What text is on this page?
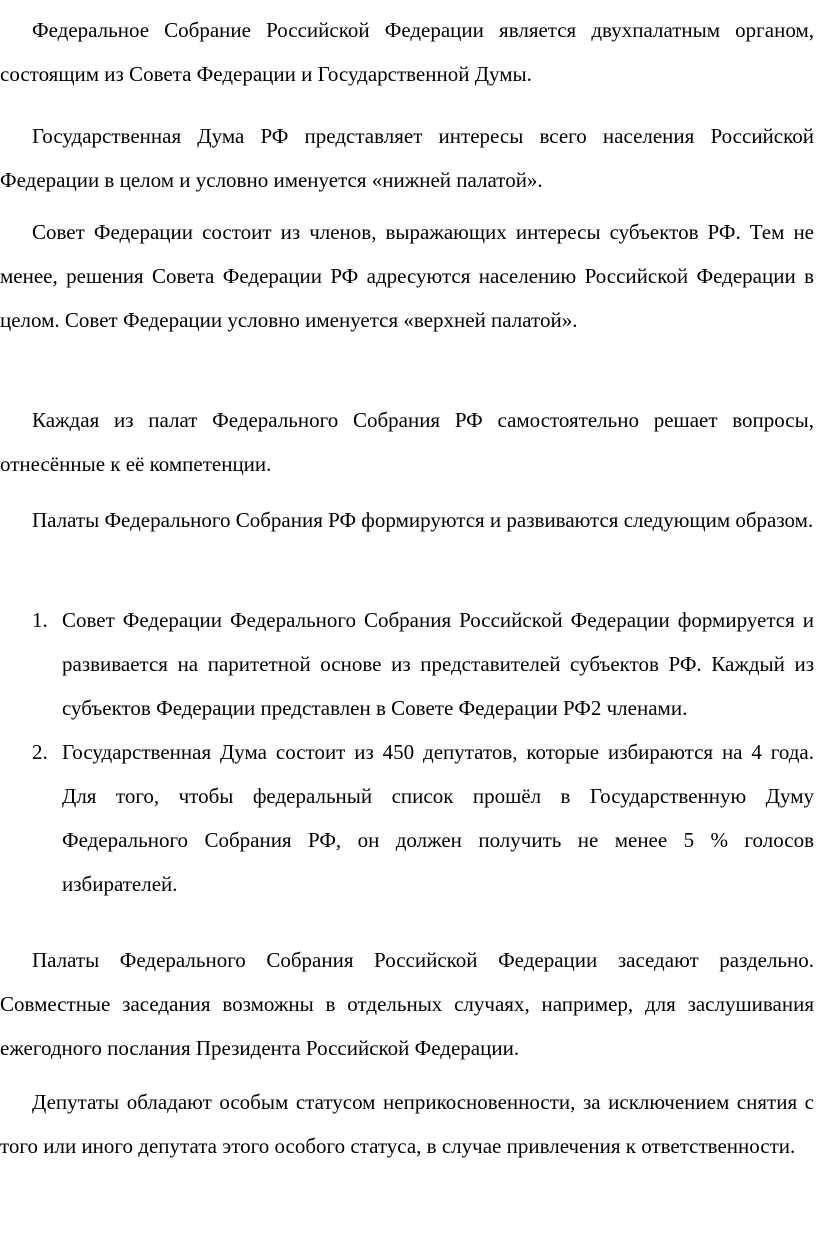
Федеральное Собрание Российской Федерации является двухпалатным органом, состоящим из Совета Федерации и Государственной Думы.

Государственная Дума РФ представляет интересы всего населения Российской Федерации в целом и условно именуется «нижней палатой».

Совет Федерации состоит из членов, выражающих интересы субъектов РФ. Тем не менее, решения Совета Федерации РФ адресуются населению Российской Федерации в целом. Совет Федерации условно именуется «верхней палатой».

Каждая из палат Федерального Собрания РФ самостоятельно решает вопросы, отнесённые к её компетенции.

Палаты Федерального Собрания РФ формируются и развиваются следующим образом.

1. Совет Федерации Федерального Собрания Российской Федерации формируется и развивается на паритетной основе из представителей субъектов РФ. Каждый из субъектов Федерации представлен в Совете Федерации РФ2 членами.
2. Государственная Дума состоит из 450 депутатов, которые избираются на 4 года. Для того, чтобы федеральный список прошёл в Государственную Думу Федерального Собрания РФ, он должен получить не менее 5 % голосов избирателей.

Палаты Федерального Собрания Российской Федерации заседают раздельно. Совместные заседания возможны в отдельных случаях, например, для заслушивания ежегодного послания Президента Российской Федерации.

Депутаты обладают особым статусом неприкосновенности, за исключением снятия с того или иного депутата этого особого статуса, в случае привлечения к ответственности.
